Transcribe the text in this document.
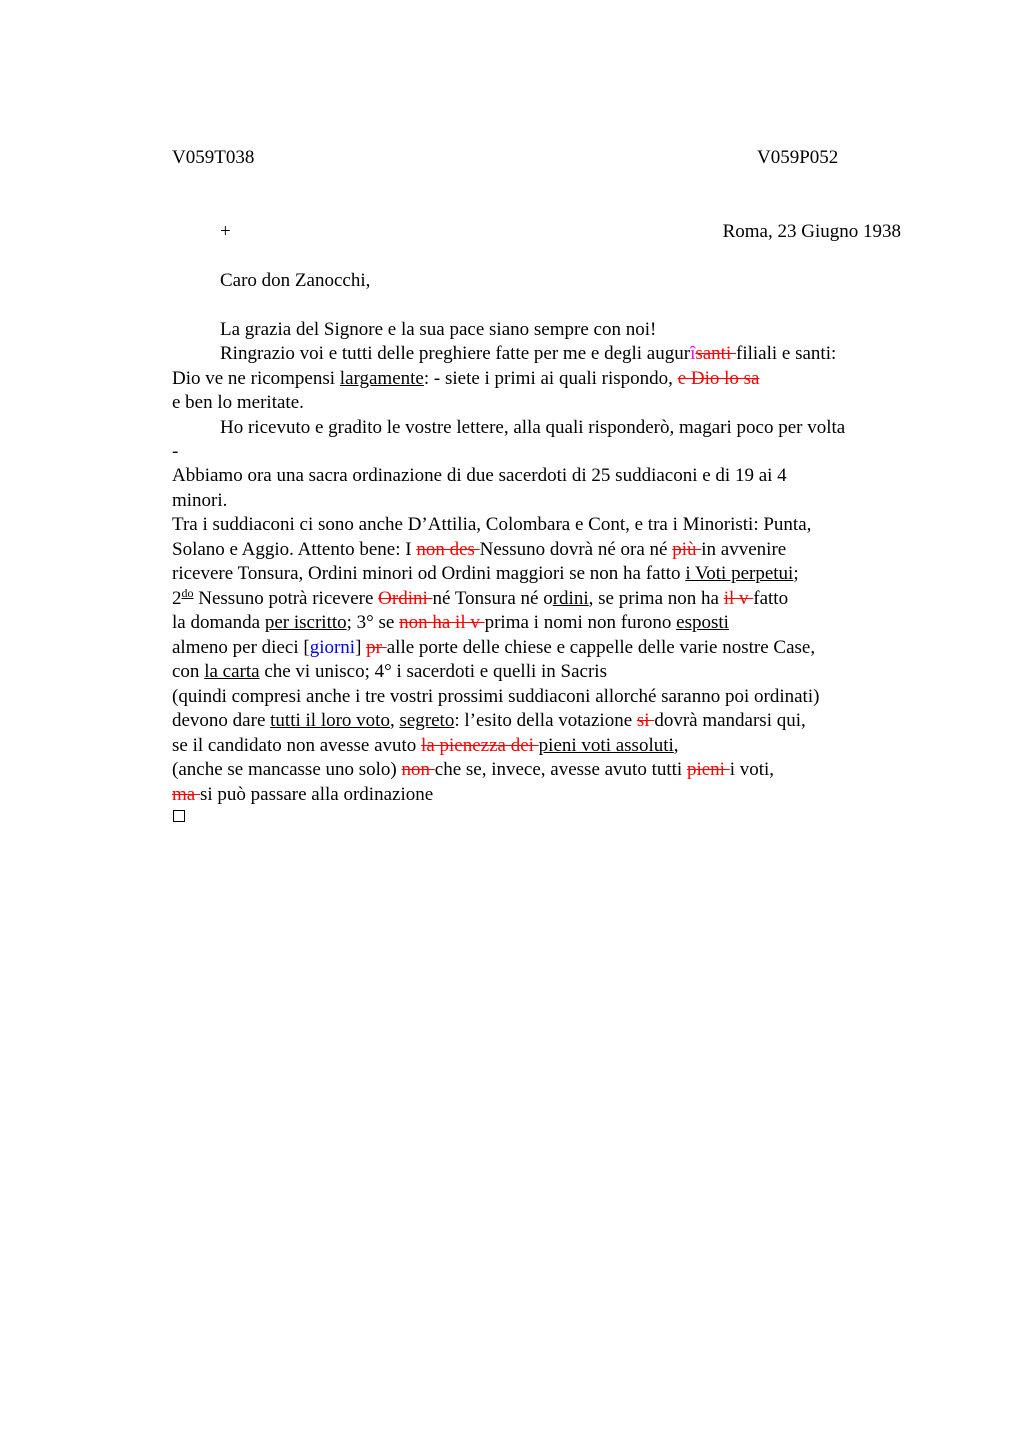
V059T038	V059P052
+	Roma, 23 Giugno 1938
Caro don Zanocchi,
La grazia del Signore e la sua pace siano sempre con noi!
Ringrazio voi e tutti delle preghiere fatte per me e degli augurîsanti filiali e santi:
Dio ve ne ricompensi largamente: - siete i primi ai quali rispondo, e Dio lo sa
e ben lo meritate.
Ho ricevuto e gradito le vostre lettere, alla quali risponderò, magari poco per volta
-
Abbiamo ora una sacra ordinazione di due sacerdoti di 25 suddiaconi e di 19 ai 4
minori.
Tra i suddiaconi ci sono anche D’Attilia, Colombara e Cont, e tra i Minoristi: Punta,
Solano e Aggio. Attento bene: I non des Nessuno dovrà né ora né più in avvenire
ricevere Tonsura, Ordini minori od Ordini maggiori se non ha fatto i Voti perpetui;
$2^{do}$ Nessuno potrà ricevere Ordini né Tonsura né ordini, se prima non ha il v fatto
la domanda per iscritto; 3° se non ha il v prima i nomi non furono esposti
almeno per dieci [giorni] pr alle porte delle chiese e cappelle delle varie nostre Case,
con la carta che vi unisco; 4° i sacerdoti e quelli in Sacris
(quindi compresi anche i tre vostri prossimi suddiaconi allorché saranno poi ordinati)
devono dare tutti il loro voto, segreto: l’esito della votazione si dovrà mandarsi qui,
se il candidato non avesse avuto la pienezza dei pieni voti assoluti,
(anche se mancasse uno solo) non che se, invece, avesse avuto tutti pieni i voti,
ma si può passare alla ordinazione
